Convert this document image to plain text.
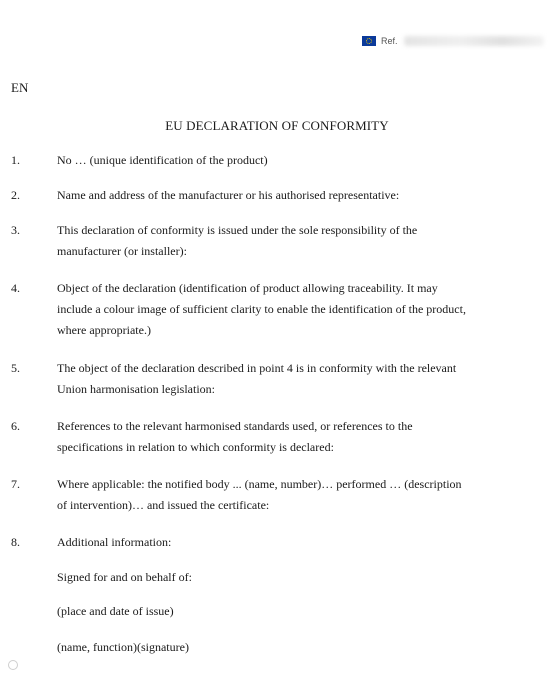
Ref.
EN
EU DECLARATION OF CONFORMITY
1.	No … (unique identification of the product)
2.	Name and address of the manufacturer or his authorised representative:
3.	This declaration of conformity is issued under the sole responsibility of the
manufacturer (or installer):
4.	Object of the declaration (identification of product allowing traceability. It may
include a colour image of sufficient clarity to enable the identification of the product,
where appropriate.)
5.	The object of the declaration described in point 4 is in conformity with the relevant
Union harmonisation legislation:
6.	References to the relevant harmonised standards used, or references to the
specifications in relation to which conformity is declared:
7.	Where applicable: the notified body ... (name, number)… performed … (description
of intervention)… and issued the certificate:
8.	Additional information:
Signed for and on behalf of:
(place and date of issue)
(name, function)(signature)
